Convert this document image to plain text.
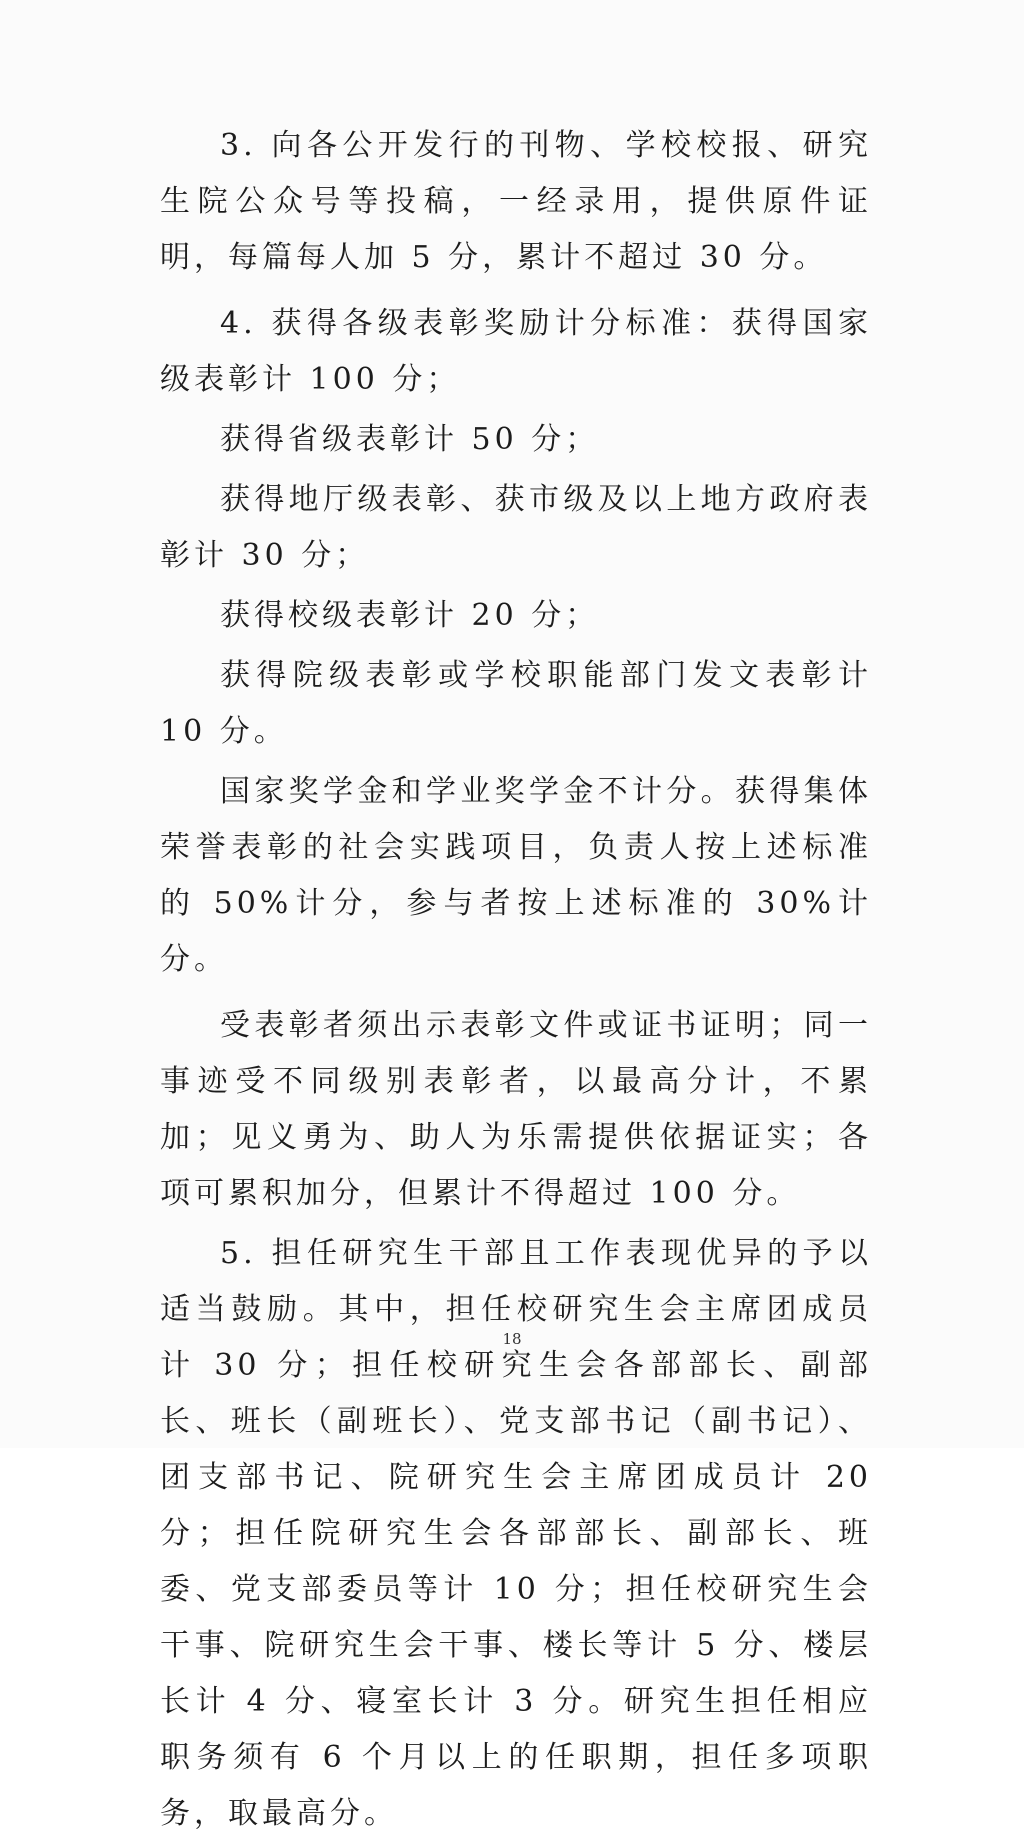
3. 向各公开发行的刊物、学校校报、研究生院公众号等投稿，一经录用，提供原件证明，每篇每人加 5 分，累计不超过 30 分。

4. 获得各级表彰奖励计分标准：获得国家级表彰计 100 分；

获得省级表彰计 50 分；

获得地厅级表彰、获市级及以上地方政府表彰计 30 分；

获得校级表彰计 20 分；

获得院级表彰或学校职能部门发文表彰计 10 分。

国家奖学金和学业奖学金不计分。获得集体荣誉表彰的社会实践项目，负责人按上述标准的 50%计分，参与者按上述标准的 30%计分。

受表彰者须出示表彰文件或证书证明；同一事迹受不同级别表彰者，以最高分计，不累加；见义勇为、助人为乐需提供依据证实；各项可累积加分，但累计不得超过 100 分。

5. 担任研究生干部且工作表现优异的予以适当鼓励。其中，担任校研究生会主席团成员计 30 分；担任校研究生会各部部长、副部长、班长（副班长）、党支部书记（副书记）、团支部书记、院研究生会主席团成员计 20 分；担任院研究生会各部部长、副部长、班委、党支部委员等计 10 分；担任校研究生会干事、院研究生会干事、楼长等计 5 分、楼层长计 4 分、寝室长计 3 分。研究生担任相应职务须有 6 个月以上的任职期，担任多项职务，取最高分。

18
